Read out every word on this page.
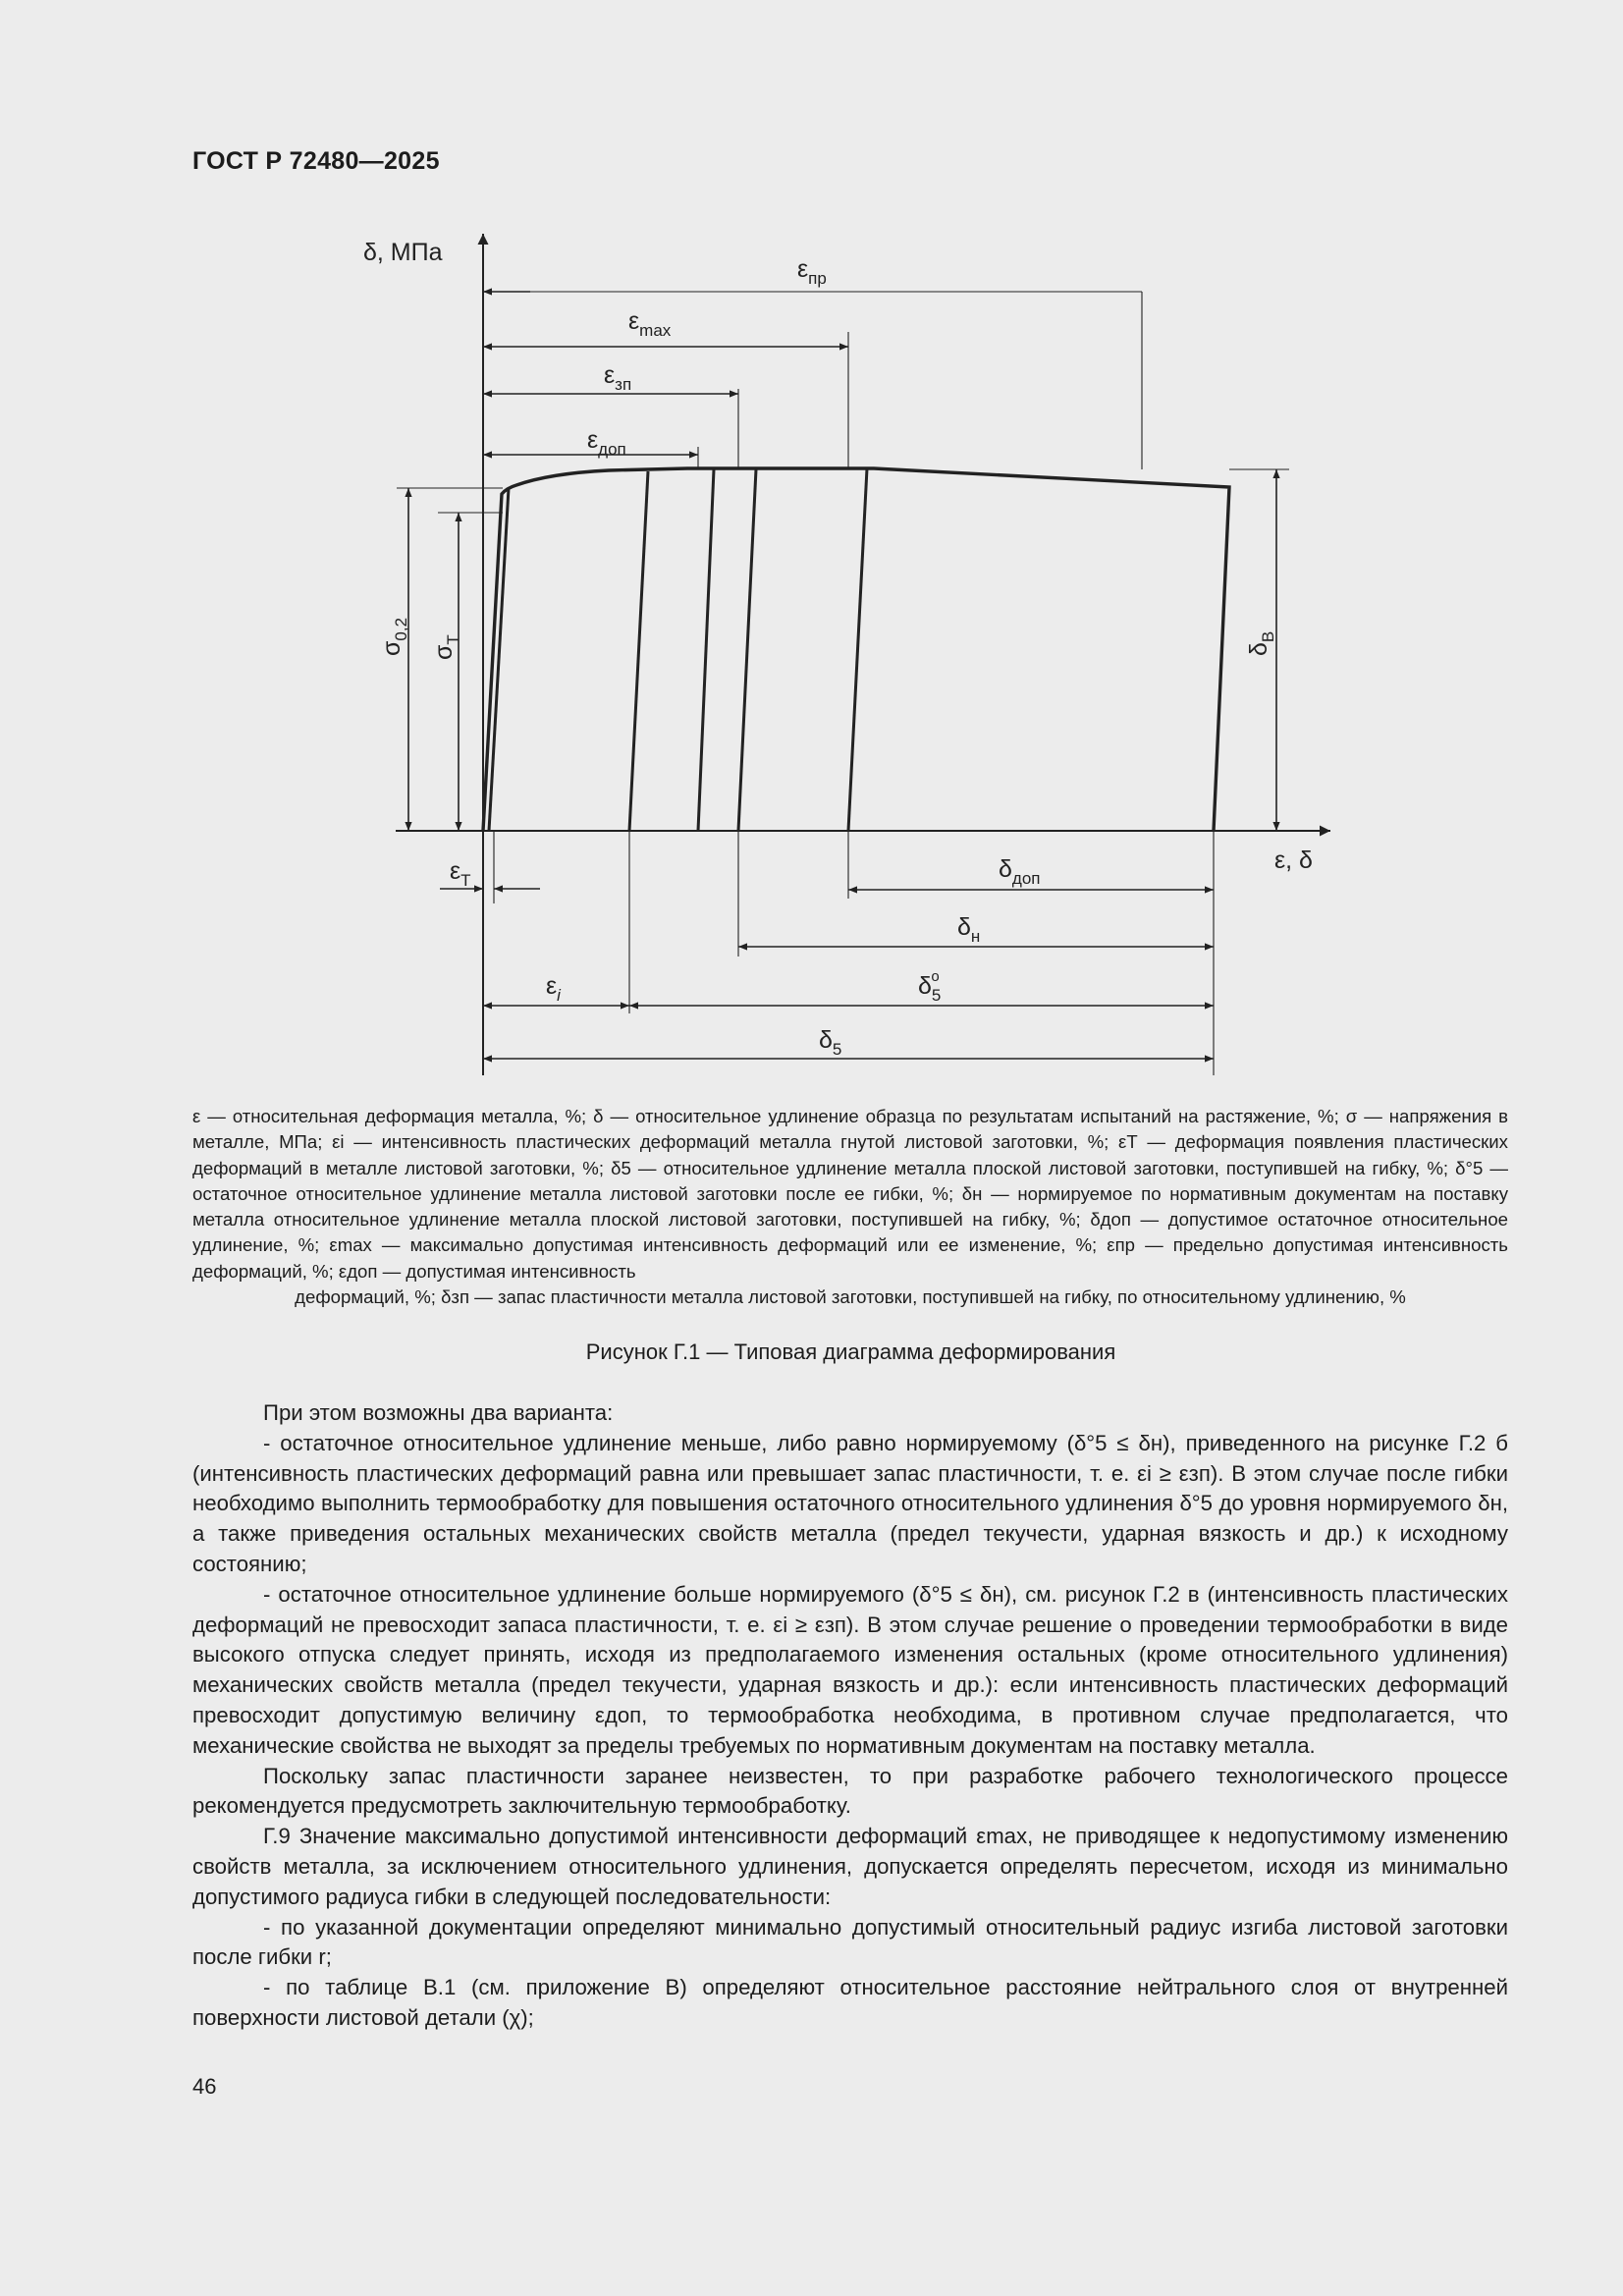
ГОСТ Р 72480—2025
δ, МПа
ε, δ
$\varepsilon_{пр}$
$\varepsilon_{max}$
$\varepsilon_{зп}$
$\varepsilon_{доп}$
$\sigma_{0,2}$
$\sigma_Т$
$\delta_В$
$\varepsilon_Т$	$\delta_{доп}$
$\delta_н$
$\varepsilon_i$	$\delta_5о$
$\delta_5$
ε — относительная деформация металла, %; δ — относительное удлинение образца по результатам испытаний на растяжение, %; σ — напряжения в металле, МПа; εi — интенсивность пластических деформаций металла гнутой листовой заготовки, %; εТ — деформация появления пластических деформаций в металле листовой заготовки, %; δ5 — относительное удлинение металла плоской листовой заготовки, поступившей на гибку, %; δ°5 — остаточное относительное удлинение металла листовой заготовки после ее гибки, %; δн — нормируемое по нормативным документам на поставку металла относительное удлинение металла плоской листовой заготовки, поступившей на гибку, %; δдоп — допустимое остаточное относительное удлинение, %; εmax — максимально допустимая интенсивность деформаций или ее изменение, %; εпр — предельно допустимая интенсивность деформаций, %; εдоп — допустимая интенсивность
деформаций, %; δзп — запас пластичности металла листовой заготовки, поступившей на гибку, по относительному удлинению, %
Рисунок Г.1 — Типовая диаграмма деформирования

При этом возможны два варианта:

- остаточное относительное удлинение меньше, либо равно нормируемому (δ°5 ≤ δн), приведенного на рисунке Г.2 б (интенсивность пластических деформаций равна или превышает запас пластичности, т. е. εi ≥ εзп). В этом случае после гибки необходимо выполнить термообработку для повышения остаточного относительного удлинения δ°5 до уровня нормируемого δн, а также приведения остальных механических свойств металла (предел текучести, ударная вязкость и др.) к исходному состоянию;

- остаточное относительное удлинение больше нормируемого (δ°5 ≤ δн), см. рисунок Г.2 в (интенсивность пластических деформаций не превосходит запаса пластичности, т. е. εi ≥ εзп). В этом случае решение о проведении термообработки в виде высокого отпуска следует принять, исходя из предполагаемого изменения остальных (кроме относительного удлинения) механических свойств металла (предел текучести, ударная вязкость и др.): если интенсивность пластических деформаций превосходит допустимую величину εдоп, то термообработка необходима, в противном случае предполагается, что механические свойства не выходят за пределы требуемых по нормативным документам на поставку металла.

Поскольку запас пластичности заранее неизвестен, то при разработке рабочего технологического процессе рекомендуется предусмотреть заключительную термообработку.

Г.9 Значение максимально допустимой интенсивности деформаций εmax, не приводящее к недопустимому изменению свойств металла, за исключением относительного удлинения, допускается определять пересчетом, исходя из минимально допустимого радиуса гибки в следующей последовательности:

- по указанной документации определяют минимально допустимый относительный радиус изгиба листовой заготовки после гибки r;

- по таблице В.1 (см. приложение В) определяют относительное расстояние нейтрального слоя от внутренней поверхности листовой детали (χ);

46
